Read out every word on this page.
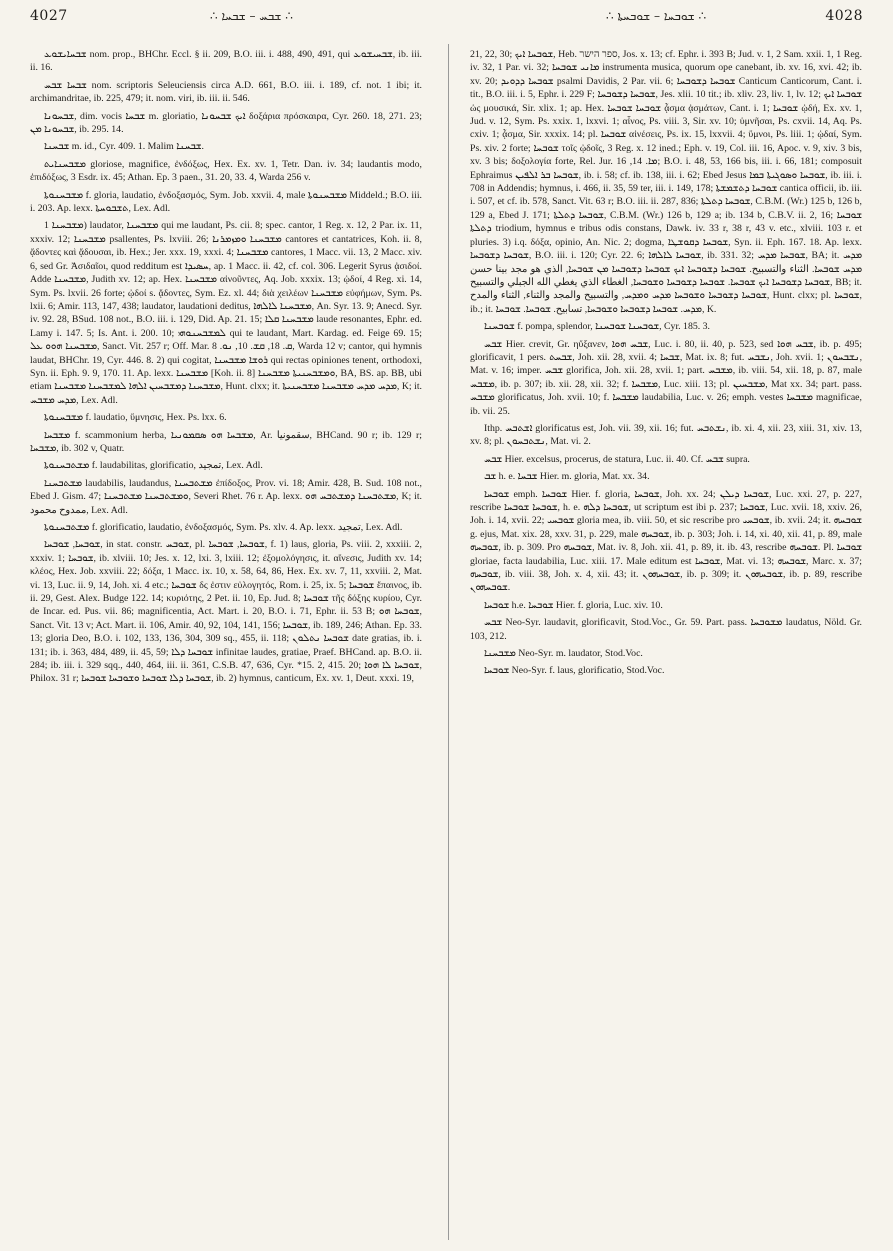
4027	∴ ܫܒܚ – ܫܒܚܐ ∴	∴ ܫܘܒܚܐ – ܫܘܒܚܬܐ ∴	4028

ܫܒܚܐܝܫܘܥ nom. prop., BHChr. Eccl. § ii. 209, B.O. iii. i. 488, 490, 491, qui ܫܒܚܝܫܘܥ, ib. iii. ii. 16.

ܫܒܚܐ ܫܒܚ nom. scriptoris Seleuciensis circa A.D. 661, B.O. iii. i. 189, cf. not. 1 ibi; it. archimandritae, ib. 225, 479; it. nom. viri, ib. iii. ii. 546.

ܫܒܚܘܢܐ, dim. vocis ܫܒܚܐ m. gloriatio, ܐܝܟ ܫܒܚܘܢܐ δοξάρια πρόσκαιρα, Cyr. 260. 18, 271. 23; ܫܒܚܘܢܐ ܡܢ, ib. 295. 14.

ܫܒܚܢܐ m. id., Cyr. 409. 1. Malim ܫܒܚܢܐ.

ܡܫܒܚܢܐܝܬ gloriose, magnifice, ἐνδόξως, Hex. Ex. xv. 1, Tetr. Dan. iv. 34; laudantis modo, ἐπιδόξως, 3 Esdr. ix. 45; Athan. Ep. 3 paen., 31. 20, 33. 4, Warda 256 v.

ܡܫܒܚܢܘܬܐ f. gloria, laudatio, ἐνδοξασμός, Sym. Job. xxvii. 4, male ܡܫܒܚܢܘܬܐ Middeld.; B.O. iii. i. 203. Ap. lexx. ܬܫܒܘܚܬܐ, Lex. Adl.

ܡܫܒܚܢܐ 1) laudator, ܡܫܒܚܢܐ qui me laudant, Ps. cii. 8; spec. cantor, 1 Reg. x. 12, 2 Par. ix. 11, xxxiv. 12; ܡܫܒܚܢܐ psallentes, Ps. lxviii. 26; ܡܫܒܚܢܐ ܘܡܙܡܪܢܐ cantores et cantatrices, Koh. ii. 8, ᾄδοντες καὶ ᾄδουσαι, ib. Hex.; Jer. xxx. 19, xxxi. 4; ܡܫܒܚܢܐ cantores, 1 Macc. vii. 13, 2 Macc. xiv. 6, sed Gr. Ἀσιδαῖοι, quod redditum est ܚܣܝܕܐ, ap. 1 Macc. ii. 42, cf. col. 306. Legerit Syrus ᾀσιδοί. Adde ܡܫܒܚܢܐ, Judith xv. 12; ap. Hex. ܡܫܒܚܢܐ αἰνοῦντες, Aq. Job. xxxix. 13; ᾠδοί, 4 Reg. xi. 14, Sym. Ps. lxvii. 26 forte; ᾠδοί s. ᾄδοντες, Sym. Ez. xl. 44; διὰ χειλέων ܡܫܒܚܢܐ εὐφήμων, Sym. Ps. lxii. 6; Amir. 113, 147, 438; laudator, laudationi deditus, ܡܫܒܚܢܐ ܠܐܠܗܐ, An. Syr. 13. 9; Anecd. Syr. iv. 92. 28, BSud. 108 not., B.O. iii. i. 129, Did. Ap. 21. 15; ܡܫܒܚܢܐ ܩܠܐ laude resonantes, Ephr. ed. Lamy i. 147. 5; Is. Ant. i. 200. 10; ܠܡܫܒܚܢܘܗܝ qui te laudant, Mart. Kardag. ed. Feige 69. 15; ܡܫܒܚܢܐ ܗܘܘ ܥܠ, Sanct. Vit. 257 r; Off. Mar. ܩ. 18, ܩܫ. 10, ܢܘ. 8, Warda 12 v; cantor, qui hymnis laudat, BHChr. 19, Cyr. 446. 8. 2) qui cogitat, ܪܘܫܐ ܡܫܒܚܢܐ qui rectas opiniones tenent, orthodoxi, Syn. ii. Eph. 9. 9, 170. 11. Ap. lexx. ܡܫܒܚܢܐ [Koh. ii. 8] ܘܡܫܒܚܢܝܬܐ ܡܫܒܚܢܐ, BA, BS. ap. BB, ubi etiam ܡܫܒܚܢܐ ܕܡܫܒܚܝܢ ܐܠܗܐ ܠܡܫܒܚܢܐ ܡܫܒܚܢܐ, Hunt. clxx; it. ܡܕܚ ܡܕܚ ܡܫܒܚܢܐ ܡܫܒܚܢܝܬܐ, K; it. ܡܕܚ ܡܫܒܚ, Lex. Adl.

ܡܫܒܚܢܘܬܐ f. laudatio, ὕμνησις, Hex. Ps. lxx. 6.

ܡܫܒܚܐ f. scammonium herba, ܡܫܒܚܐ ܗܘ ܣܩܡܘܢܝܐ, Ar. سقمونيا, BHCand. 90 r; ib. 129 r; ܡܫܒܚܐ, ib. 302 v, Quatr.

ܡܫܬܒܚܢܘܬܐ f. laudabilitas, glorificatio, تمجيد, Lex. Adl.

ܡܫܬܒܚܢܐ laudabilis, laudandus, ܡܫܬܒܚܢܐ ἐπίδοξος, Prov. vi. 18; Amir. 428, B. Sud. 108 not., Ebed J. Gism. 47; ܘܡܫܬܒܚܢܐ ܡܫܬܒܚܢܐ, Severi Rhet. 76 r. Ap. lexx. ܡܫܬܒܚܢܐ ܕܡܫܬܒܚ ܗܘ, K; it. ممدوح محمود, Lex. Adl.

ܡܫܬܒܚܢܘܬܐ f. glorificatio, laudatio, ἐνδοξασμός, Sym. Ps. xlv. 4. Ap. lexx. تمجيد, Lex. Adl.

ܫܘܒܚܐ, ܫܘܒܚܐ, in stat. constr. ܫܘܒܚ, pl. ܫܘܒܚܐ, ܫܘܒܚܐ, f. 1) laus, gloria, Ps. viii. 2, xxxiii. 2, xxxiv. 1; ܫܘܒܚܐ, ib. xlviii. 10; Jes. x. 12, lxi. 3, lxiii. 12; ἐξομολόγησις, it. αἴνεσις, Judith xv. 14; κλέος, Hex. Job. xxviii. 22; δόξα, 1 Macc. ix. 10, x. 58, 64, 86, Hex. Ex. xv. 7, 11, xxviii. 2, Mat. vi. 13, Luc. ii. 9, 14, Joh. xi. 4 etc.; ܫܘܒܚܐ δς ἐστιν εὐλογητός, Rom. i. 25, ix. 5; ܫܘܒܚܐ ἔπαινος, ib. ii. 29, Gest. Alex. Budge 122. 14; κυριότης, 2 Pet. ii. 10, Ep. Jud. 8; ܫܘܒܚܐ τῆς δόξης κυρίου, Cyr. de Incar. ed. Pus. vii. 86; magnificentia, Act. Mart. i. 20, B.O. i. 71, Ephr. ii. 53 B; ܫܘܒܚܐ ܗܘ, Sanct. Vit. 13 v; Act. Mart. ii. 106, Amir. 40, 92, 104, 141, 156; ܫܘܒܚܐ, ib. 189, 246; Athan. Ep. 33. 13; gloria Deo, B.O. i. 102, 133, 136, 304, 309 sq., 455, ii. 118; ܫܘܒܚܐ ܢܬܠܘܢ date gratias, ib. i. 131; ib. i. 363, 484, 489, ii. 45, 59; ܫܘܒܚܐ ܕܠܐ infinitae laudes, gratiae, Praef. BHCand. ap. B.O. ii. 284; ib. iii. i. 329 sqq., 440, 464, iii. ii. 361, C.S.B. 47, 636, Cyr. *15. 2, 415. 20; ܫܘܒܚܐ ܠܐ ܗܘܐ, Philox. 31 r; ܫܘܒܚܐ ܕܠܐ ܫܘܒܚܐ ܘܫܘܒܚܐ ܫܘܒܚܐ, ib. 2) hymnus, canticum, Ex. xv. 1, Deut. xxxi. 19,

21, 22, 30; ܫܘܒܚܐ ܐܝܟ, Heb. ספר הישר, Jos. x. 13; cf. Ephr. i. 393 B; Jud. v. 1, 2 Sam. xxii. 1, 1 Reg. iv. 32, 1 Par. vi. 32; ܡܐܢܝ ܫܘܒܚܐ instrumenta musica, quorum ope canebant, ib. xv. 16, xvi. 42; ib. xv. 20; ܫܘܒܚܐ ܕܕܘܝܕ psalmi Davidis, 2 Par. vii. 6; ܫܘܒܚܐ ܕܫܘܒܚܐ Canticum Canticorum, Cant. i. tit., B.O. iii. i. 5, Ephr. i. 229 F; ܫܘܒܚܐ ܕܫܘܒܚܐ, Jes. xlii. 10 tit.; ib. xliv. 23, liv. 1, lv. 12; ܫܘܒܚܐ ܐܝܟ ὡς μουσικά, Sir. xlix. 1; ap. Hex. ܫܘܒܚܐ ܫܘܒܚܐ ᾆσμα ᾀσμάτων, Cant. i. 1; ܫܘܒܚܐ ᾠδή, Ex. xv. 1, Jud. v. 12, Sym. Ps. xxix. 1, lxxvi. 1; αἶνος, Ps. viii. 3, Sir. xv. 10; ὑμνῆσαι, Ps. cxvii. 14, Aq. Ps. cxiv. 1; ᾆσμα, Sir. xxxix. 14; pl. ܫܘܒܚܐ αἰνέσεις, Ps. ix. 15, lxxvii. 4; ὕμνοι, Ps. liii. 1; ᾠδαί, Sym. Ps. xiv. 2 forte; ܫܘܒܚܐ τοῖς ᾠδοῖς, 3 Reg. x. 12 ined.; Eph. v. 19, Col. iii. 16, Apoc. v. 9, xiv. 3 bis, xv. 3 bis; δοξολογία forte, Rel. Jur. ܡܐ. 14, 16; B.O. i. 48, 53, 166 bis, iii. i. 66, 181; composuit Ephraimus ܫܘܒܚܐ ܒܪ ܐܠܦܝܢ, ib. i. 58; cf. ib. 138, iii. i. 62; Ebed Jesus ܫܘܒܚܐ ܘܣܘܓܝܬܐ ܒܡܐ, ib. iii. i. 708 in Addendis; hymnus, i. 466, ii. 35, 59 ter, iii. i. 149, 178; ܫܘܒܚܐ ܕܬܫܡܫܬܐ cantica officii, ib. iii. i. 507, et cf. ib. 578, Sanct. Vit. 63 r; B.O. iii. ii. 287, 836; ܫܘܒܚܐ ܕܬܠܬܐ, C.B.M. (Wr.) 125 b, 126 b, 129 a, Ebed J. 171; ܫܘܒܚܐ ܕܬܠܬܐ, C.B.M. (Wr.) 126 b, 129 a; ib. 134 b, C.B.V. ii. 2, 16; ܫܘܒܚܐ ܕܬܠܬܐ triodium, hymnus e tribus odis constans, Dawk. iv. 33 r, 38 r, 43 v. etc., xlviii. 103 r. et pluries. 3) i.q. δόξα, opinio, An. Nic. 2; dogma, ܫܘܒܚܐ ܕܩܘܫܛܐ, Syn. ii. Eph. 167. 18. Ap. lexx. ܫܘܒܚܐ ܕܫܘܒܚܐ, B.O. iii. i. 120; Cyr. 22. 6; ܫܘܒܚܐ ܠܐܠܗܐ, ib. 331. 32; ܫܘܒܚܐ ܡܕܚ, BA; it. ܡܕܚ ܡܕܚ ܫܘܒܚܐ. الثناء والتسبيح. ܫܘܒܚܐ ܕܫܘܒܚܐ ܐܝܟ ܫܘܒܚܐ ܕܫܘܒܚܐ ܡܢ ܫܘܒܚܐ, الذي هو مجد بينا حسن ܫܘܒܚܐ ܕܫܘܒܚܐ ܐܝܟ ܫܘܒܚܐ. ܫܘܒܚܐ ܕܫܘܒܚܐ ܘܫܘܒܚܐ, الغطاء الذي يغطي الله الجبلي والتسبيح, BB; it. ܫܘܒܚܐ ܕܫܘܒܚܐ ܘܫܘܒܚܐ ܡܕܚ ܘܡܕܚ, والتسبيح والمجد والثناء, الثناء والمدح, Hunt. clxx; pl. ܫܘܒܚܐ, ib.; it. ܡܕܚ. ܫܘܒܚܐ ܕܫܘܒܚܐ ܘܫܘܒܚܐ, تسابيح. ܫܘܒܚܐ. ܫܘܒܚܐ, K.

ܫܘܒܚܢܐ f. pompa, splendor, ܫܘܒܚܢܐ ܫܘܒܚܢܐ, Cyr. 185. 3.

ܫܒܚ Hier. crevit, Gr. ηὔξανεν, ܫܒܚ ܗܘܐ, Luc. i. 80, ii. 40, p. 523, sed ܫܒܚ ܗܘܐ, ib. p. 495; glorificavit, 1 pers. ܫܒܚܬ, Joh. xii. 28, xvii. 4; ܫܒܚܐ, Mat. ix. 8; fut. ܢܫܒܚ, Joh. xvii. 1; ܢܫܒܚܘܢ, Mat. v. 16; imper. ܫܒܚ glorifica, Joh. xii. 28, xvii. 1; part. ܡܫܒܚ, ib. viii. 54, xii. 18, p. 87, male ܡܫܒܚ, ib. p. 307; ib. xii. 28, xii. 32; f. ܡܫܒܚܐ, Luc. xiii. 13; pl. ܡܫܒܚܝܢ, Mat xx. 34; part. pass. ܡܫܒܚ glorificatus, Joh. xvii. 10; f. ܡܫܒܚܐ laudabilia, Luc. v. 26; emph. vestes ܡܫܒܚܐ magnificae, ib. vii. 25.

Ithp. ܐܫܬܒܚ glorificatus est, Joh. vii. 39, xii. 16; fut. ܢܫܬܒܚ, ib. xi. 4, xii. 23, xiii. 31, xiv. 13, xv. 8; pl. ܢܫܬܒܚܘܢ, Mat. vi. 2.

ܫܒܚ Hier. excelsus, procerus, de statura, Luc. ii. 40. Cf. ܫܒܚ supra.

ܫܒ h. e. ܫܒܚܐ Hier. m. gloria, Mat. xx. 34.

ܫܘܒܚܐ emph. ܫܘܒܚܐ Hier. f. gloria, ܫܘܒܚܐ, Joh. xx. 24; ܫܘܒܚܐ ܕܝܠܢ, Luc. xxi. 27, p. 227, rescribe ܫܘܒܚܐ ܫܘܒܚܐ, h. e. ܫܘܒܚܐ ܕܠܗ, ut scriptum est ibi p. 237; ܫܘܒܚܐ, Luc. xvii. 18, xxiv. 26, Joh. i. 14, xvii. 22; ܫܘܒܚܝ gloria mea, ib. viii. 50, et sic rescribe pro ܫܘܒܚܝ, ib. xvii. 24; it. ܫܘܒܚܗ g. ejus, Mat. xix. 28, xxv. 31, p. 229, male ܫܘܒܚܗ, ib. p. 303; Joh. i. 14, xi. 40, xii. 41, p. 89, male ܫܘܒܚܗ, ib. p. 309. Pro ܫܘܒܚܗ, Mat. iv. 8, Joh. xii. 41, p. 89, it. ib. 43, rescribe ܫܘܒܚܗ. Pl. ܫܘܒܚܐ gloriae, facta laudabilia, Luc. xiii. 17. Male editum est ܫܘܒܚܐ, Mat. vi. 13; ܫܘܒܚܗ, Marc. x. 37; ܫܘܒܚܗ, ib. viii. 38, Joh. x. 4, xii. 43; it. ܫܘܒܚܗܘܢ, ib. p. 309; it. ܫܘܒܚܗܘܢ, ib. p. 89, rescribe ܫܘܒܚܗܘܢ.

ܫܘܒܚܐ h.e. ܫܘܒܚܐ Hier. f. gloria, Luc. xiv. 10.

ܫܒܚ Neo-Syr. laudavit, glorificavit, Stod.Voc., Gr. 59. Part. pass. ܡܫܘܒܚܐ laudatus, Nöld. Gr. 103, 212.

ܡܫܒܚܢܐ Neo-Syr. m. laudator, Stod.Voc.

ܫܘܒܚܐ Neo-Syr. f. laus, glorificatio, Stod.Voc.
